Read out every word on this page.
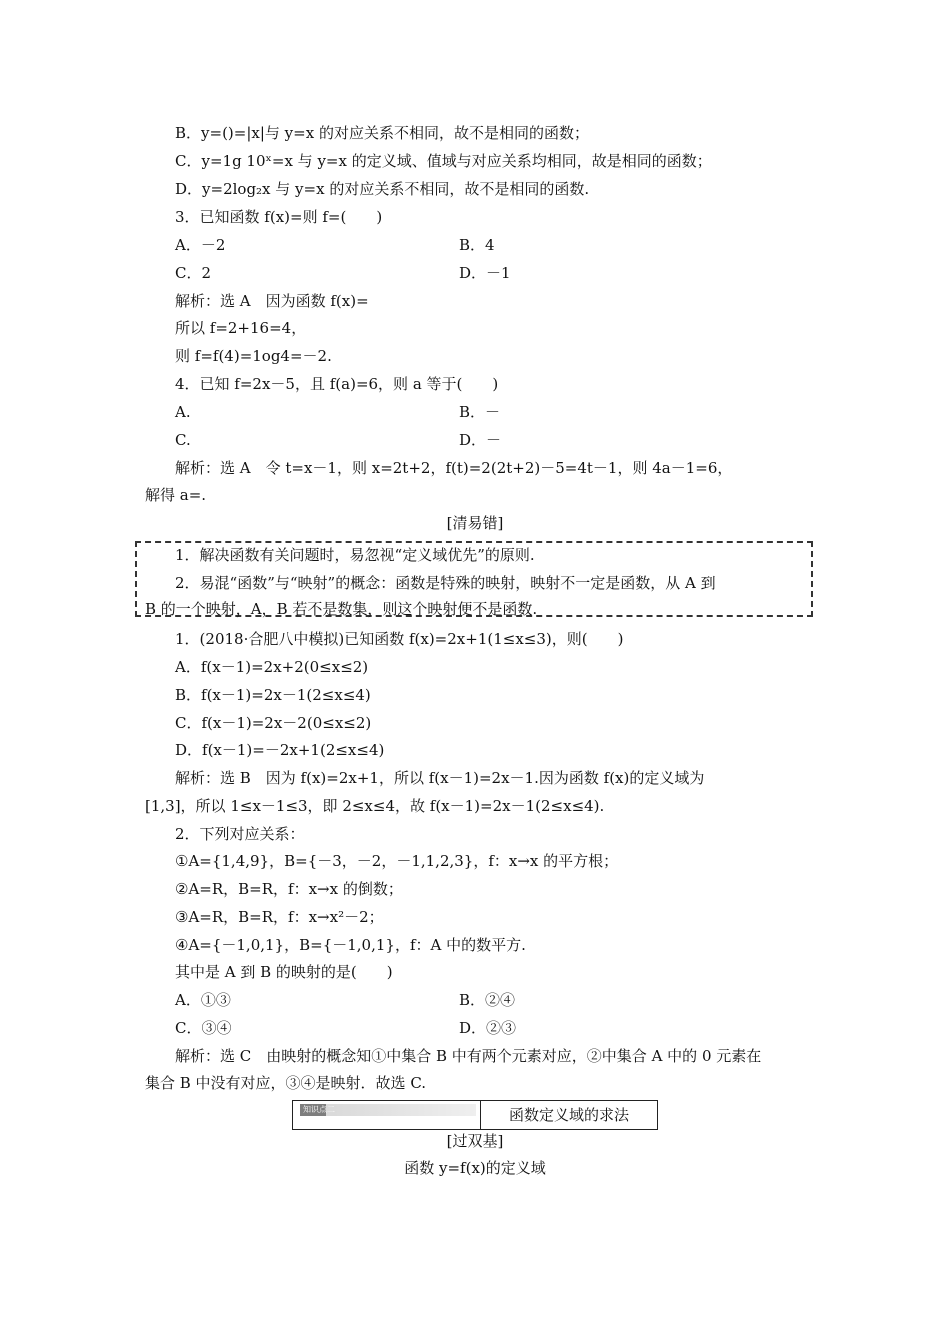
B．y=()=|x|与 y=x 的对应关系不相同，故不是相同的函数；
C．y=1g 10ˣ=x 与 y=x 的定义域、值域与对应关系均相同，故是相同的函数；
D．y=2log₂x 与 y=x 的对应关系不相同，故不是相同的函数.
3．已知函数 f(x)=则 f=(　　)
A．－2	B．4
C．2	D．－1
解析：选 A　因为函数 f(x)=
所以 f=2+16=4，
则 f=f(4)=1og4=－2.
4．已知 f=2x－5，且 f(a)=6，则 a 等于(　　)
A.	B．－
C.	D．－
解析：选 A　令 t=x－1，则 x=2t+2，f(t)=2(2t+2)－5=4t－1，则 4a－1=6，
解得 a=.
[清易错]
1．解决函数有关问题时，易忽视“定义域优先”的原则.
2．易混“函数”与“映射”的概念：函数是特殊的映射，映射不一定是函数，从 A 到
B 的一个映射，A，B 若不是数集，则这个映射便不是函数.
1．(2018·合肥八中模拟)已知函数 f(x)=2x+1(1≤x≤3)，则(　　)
A．f(x－1)=2x+2(0≤x≤2)
B．f(x－1)=2x－1(2≤x≤4)
C．f(x－1)=2x－2(0≤x≤2)
D．f(x－1)=－2x+1(2≤x≤4)
解析：选 B　因为 f(x)=2x+1，所以 f(x－1)=2x－1.因为函数 f(x)的定义域为
[1,3]，所以 1≤x－1≤3，即 2≤x≤4，故 f(x－1)=2x－1(2≤x≤4).
2．下列对应关系：
①A={1,4,9}，B={－3，－2，－1,1,2,3}，f：x→x 的平方根；
②A=R，B=R，f：x→x 的倒数；
③A=R，B=R，f：x→x²－2；
④A={－1,0,1}，B={－1,0,1}，f：A 中的数平方.
其中是 A 到 B 的映射的是(　　)
A．①③	B．②④
C．③④	D．②③
解析：选 C　由映射的概念知①中集合 B 中有两个元素对应，②中集合 A 中的 0 元素在
集合 B 中没有对应，③④是映射．故选 C.
知识点二	函数定义域的求法
[过双基]
函数 y=f(x)的定义域
